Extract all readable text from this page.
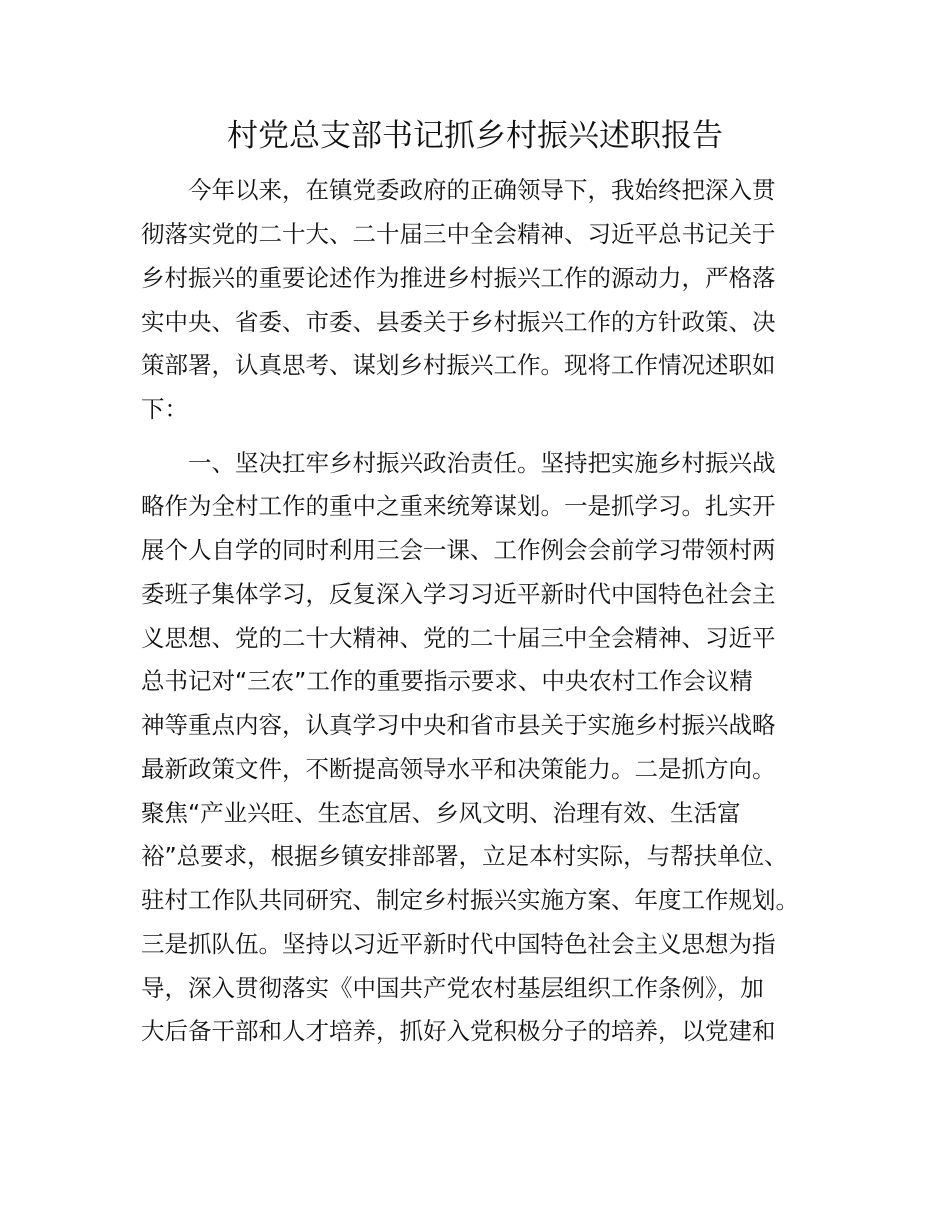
村党总支部书记抓乡村振兴述职报告

今年以来，在镇党委政府的正确领导下，我始终把深入贯

彻落实党的二十大、二十届三中全会精神、习近平总书记关于

乡村振兴的重要论述作为推进乡村振兴工作的源动力，严格落

实中央、省委、市委、县委关于乡村振兴工作的方针政策、决

策部署，认真思考、谋划乡村振兴工作。现将工作情况述职如

下：

一、坚决扛牢乡村振兴政治责任。坚持把实施乡村振兴战

略作为全村工作的重中之重来统筹谋划。一是抓学习。扎实开

展个人自学的同时利用三会一课、工作例会会前学习带领村两

委班子集体学习，反复深入学习习近平新时代中国特色社会主

义思想、党的二十大精神、党的二十届三中全会精神、习近平

总书记对“三农”工作的重要指示要求、中央农村工作会议精

神等重点内容，认真学习中央和省市县关于实施乡村振兴战略

最新政策文件，不断提高领导水平和决策能力。二是抓方向。

聚焦“产业兴旺、生态宜居、乡风文明、治理有效、生活富

裕”总要求，根据乡镇安排部署，立足本村实际，与帮扶单位、

驻村工作队共同研究、制定乡村振兴实施方案、年度工作规划。

三是抓队伍。坚持以习近平新时代中国特色社会主义思想为指

导，深入贯彻落实《中国共产党农村基层组织工作条例》，加

大后备干部和人才培养，抓好入党积极分子的培养，以党建和
